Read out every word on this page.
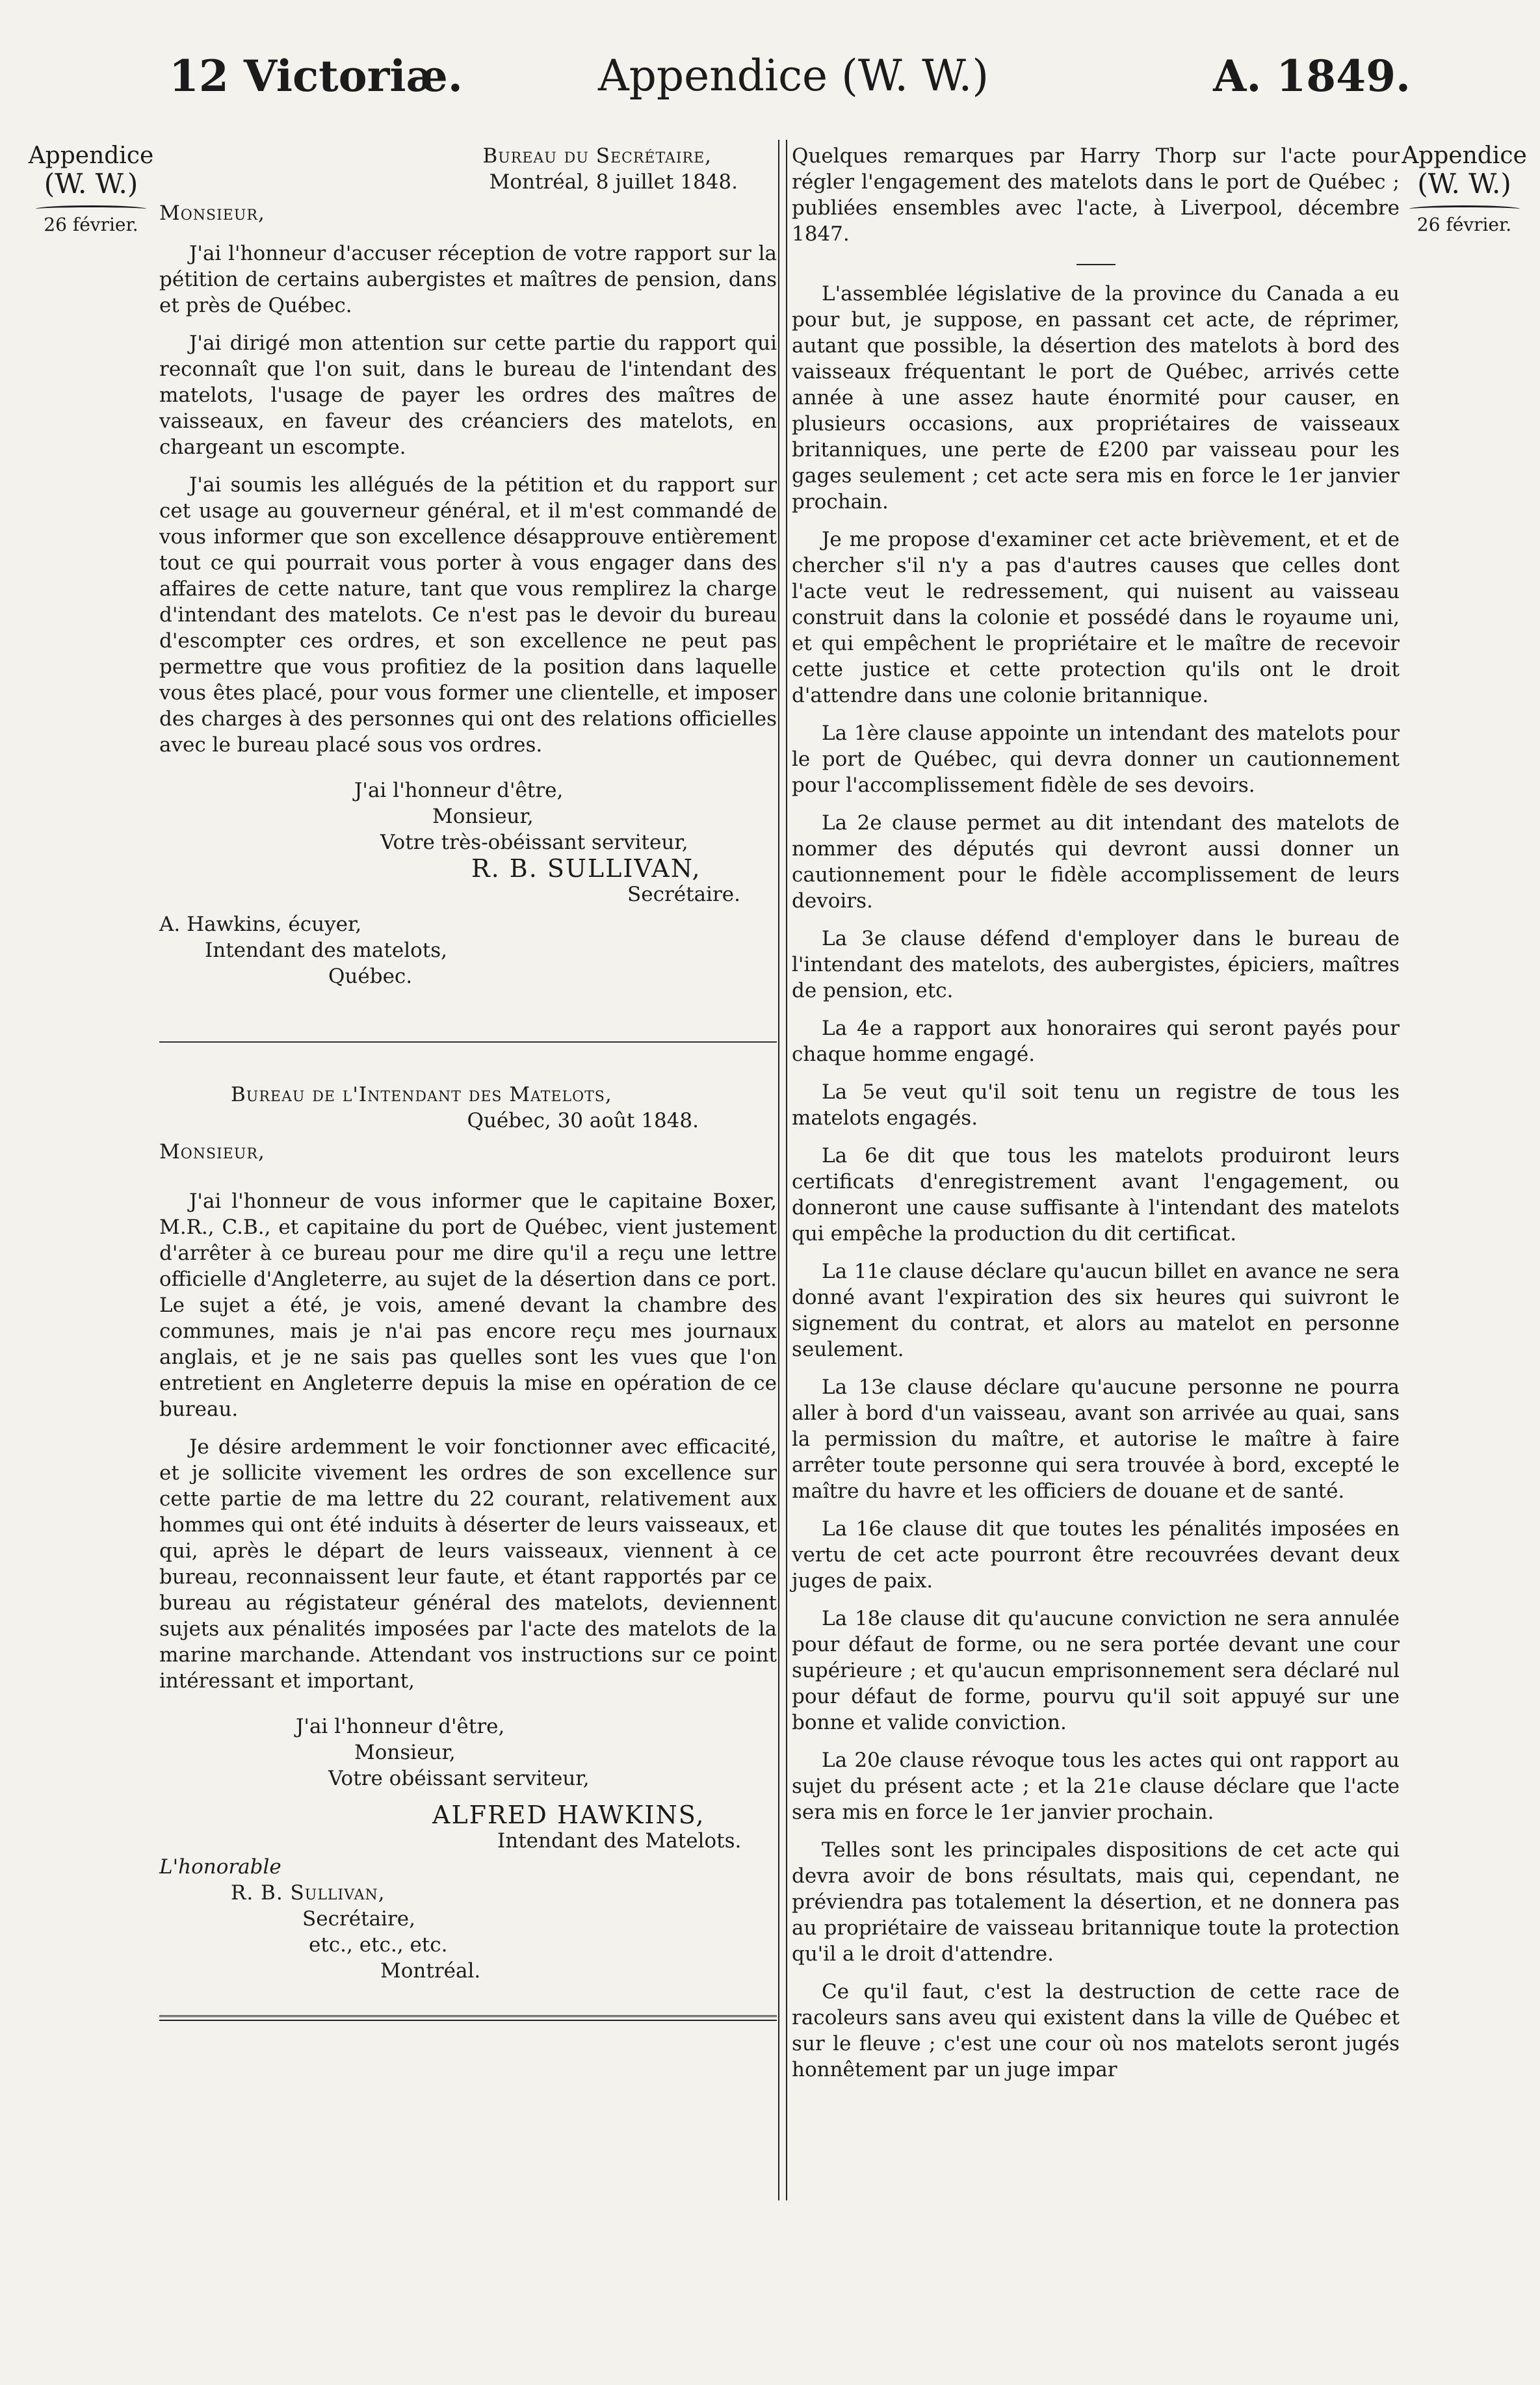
12 Victoriæ.	Appendice (W. W.)	A. 1849.
Appendice
(W. W.)
26 février.
Appendice
(W. W.)
26 février.
Bureau du Secrétaire,
Montréal, 8 juillet 1848.
Monsieur,

J'ai l'honneur d'accuser réception de votre rapport sur la pétition de certains aubergistes et maîtres de pension, dans et près de Québec.

J'ai dirigé mon attention sur cette partie du rapport qui reconnaît que l'on suit, dans le bureau de l'intendant des matelots, l'usage de payer les ordres des maîtres de vaisseaux, en faveur des créanciers des matelots, en chargeant un escompte.

J'ai soumis les allégués de la pétition et du rapport sur cet usage au gouverneur général, et il m'est commandé de vous informer que son excellence désapprouve entièrement tout ce qui pourrait vous porter à vous engager dans des affaires de cette nature, tant que vous remplirez la charge d'intendant des matelots. Ce n'est pas le devoir du bureau d'escompter ces ordres, et son excellence ne peut pas permettre que vous profitiez de la position dans laquelle vous êtes placé, pour vous former une clientelle, et imposer des charges à des personnes qui ont des relations officielles avec le bureau placé sous vos ordres.

J'ai l'honneur d'être,
Monsieur,
Votre très-obéissant serviteur,
R. B. SULLIVAN,
Secrétaire.
A. Hawkins, écuyer,
Intendant des matelots,
Québec.
Bureau de l'Intendant des Matelots,
Québec, 30 août 1848.
Monsieur,

J'ai l'honneur de vous informer que le capitaine Boxer, M.R., C.B., et capitaine du port de Québec, vient justement d'arrêter à ce bureau pour me dire qu'il a reçu une lettre officielle d'Angleterre, au sujet de la désertion dans ce port. Le sujet a été, je vois, amené devant la chambre des communes, mais je n'ai pas encore reçu mes journaux anglais, et je ne sais pas quelles sont les vues que l'on entretient en Angleterre depuis la mise en opération de ce bureau.

Je désire ardemment le voir fonctionner avec efficacité, et je sollicite vivement les ordres de son excellence sur cette partie de ma lettre du 22 courant, relativement aux hommes qui ont été induits à déserter de leurs vaisseaux, et qui, après le départ de leurs vaisseaux, viennent à ce bureau, reconnaissent leur faute, et étant rapportés par ce bureau au régistateur général des matelots, deviennent sujets aux pénalités imposées par l'acte des matelots de la marine marchande. Attendant vos instructions sur ce point intéressant et important,

J'ai l'honneur d'être,
Monsieur,
Votre obéissant serviteur,
ALFRED HAWKINS,
Intendant des Matelots.
L'honorable
R. B. Sullivan,
Secrétaire,
etc., etc., etc.
Montréal.

Quelques remarques par Harry Thorp sur l'acte pour régler l'engagement des matelots dans le port de Québec ; publiées ensembles avec l'acte, à Liverpool, décembre 1847.

L'assemblée législative de la province du Canada a eu pour but, je suppose, en passant cet acte, de réprimer, autant que possible, la désertion des matelots à bord des vaisseaux fréquentant le port de Québec, arrivés cette année à une assez haute énormité pour causer, en plusieurs occasions, aux propriétaires de vaisseaux britanniques, une perte de £200 par vaisseau pour les gages seulement ; cet acte sera mis en force le 1er janvier prochain.

Je me propose d'examiner cet acte brièvement, et et de chercher s'il n'y a pas d'autres causes que celles dont l'acte veut le redressement, qui nuisent au vaisseau construit dans la colonie et possédé dans le royaume uni, et qui empêchent le propriétaire et le maître de recevoir cette justice et cette protection qu'ils ont le droit d'attendre dans une colonie britannique.

La 1ère clause appointe un intendant des matelots pour le port de Québec, qui devra donner un cautionnement pour l'accomplissement fidèle de ses devoirs.

La 2e clause permet au dit intendant des matelots de nommer des députés qui devront aussi donner un cautionnement pour le fidèle accomplissement de leurs devoirs.

La 3e clause défend d'employer dans le bureau de l'intendant des matelots, des aubergistes, épiciers, maîtres de pension, etc.

La 4e a rapport aux honoraires qui seront payés pour chaque homme engagé.

La 5e veut qu'il soit tenu un registre de tous les matelots engagés.

La 6e dit que tous les matelots produiront leurs certificats d'enregistrement avant l'engagement, ou donneront une cause suffisante à l'intendant des matelots qui empêche la production du dit certificat.

La 11e clause déclare qu'aucun billet en avance ne sera donné avant l'expiration des six heures qui suivront le signement du contrat, et alors au matelot en personne seulement.

La 13e clause déclare qu'aucune personne ne pourra aller à bord d'un vaisseau, avant son arrivée au quai, sans la permission du maître, et autorise le maître à faire arrêter toute personne qui sera trouvée à bord, excepté le maître du havre et les officiers de douane et de santé.

La 16e clause dit que toutes les pénalités imposées en vertu de cet acte pourront être recouvrées devant deux juges de paix.

La 18e clause dit qu'aucune conviction ne sera annulée pour défaut de forme, ou ne sera portée devant une cour supérieure ; et qu'aucun emprisonnement sera déclaré nul pour défaut de forme, pourvu qu'il soit appuyé sur une bonne et valide conviction.

La 20e clause révoque tous les actes qui ont rapport au sujet du présent acte ; et la 21e clause déclare que l'acte sera mis en force le 1er janvier prochain.

Telles sont les principales dispositions de cet acte qui devra avoir de bons résultats, mais qui, cependant, ne préviendra pas totalement la désertion, et ne donnera pas au propriétaire de vaisseau britannique toute la protection qu'il a le droit d'attendre.

Ce qu'il faut, c'est la destruction de cette race de racoleurs sans aveu qui existent dans la ville de Québec et sur le fleuve ; c'est une cour où nos matelots seront jugés honnêtement par un juge impar
